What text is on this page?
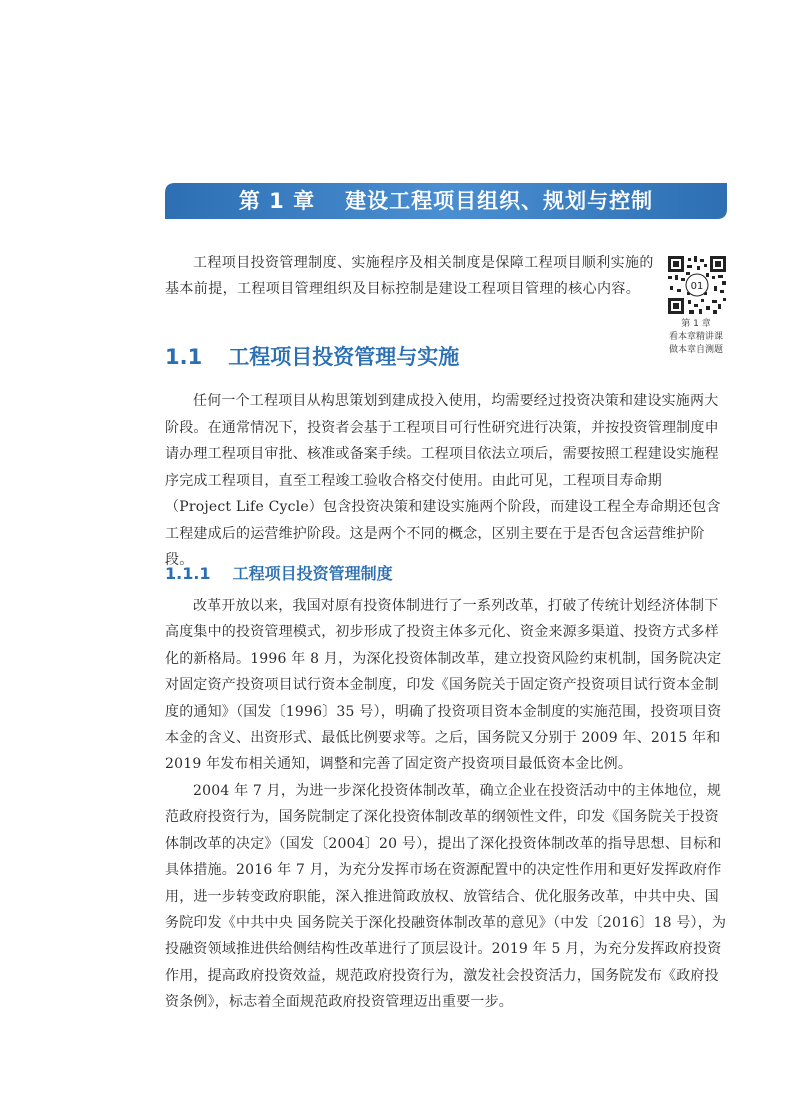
第 1 章 建设工程项目组织、规划与控制

工程项目投资管理制度、实施程序及相关制度是保障工程项目顺利实施的基本前提，工程项目管理组织及目标控制是建设工程项目管理的核心内容。	01
第 1 章
看本章精讲课
做本章自测题
1.1 工程项目投资管理与实施

任何一个工程项目从构思策划到建成投入使用，均需要经过投资决策和建设实施两大阶段。在通常情况下，投资者会基于工程项目可行性研究进行决策，并按投资管理制度申请办理工程项目审批、核准或备案手续。工程项目依法立项后，需要按照工程建设实施程序完成工程项目，直至工程竣工验收合格交付使用。由此可见，工程项目寿命期（Project Life Cycle）包含投资决策和建设实施两个阶段，而建设工程全寿命期还包含工程建成后的运营维护阶段。这是两个不同的概念，区别主要在于是否包含运营维护阶段。

1.1.1 工程项目投资管理制度

改革开放以来，我国对原有投资体制进行了一系列改革，打破了传统计划经济体制下高度集中的投资管理模式，初步形成了投资主体多元化、资金来源多渠道、投资方式多样化的新格局。1996 年 8 月，为深化投资体制改革，建立投资风险约束机制，国务院决定对固定资产投资项目试行资本金制度，印发《国务院关于固定资产投资项目试行资本金制度的通知》（国发〔1996〕35 号），明确了投资项目资本金制度的实施范围，投资项目资本金的含义、出资形式、最低比例要求等。之后，国务院又分别于 2009 年、2015 年和 2019 年发布相关通知，调整和完善了固定资产投资项目最低资本金比例。

2004 年 7 月，为进一步深化投资体制改革，确立企业在投资活动中的主体地位，规范政府投资行为，国务院制定了深化投资体制改革的纲领性文件，印发《国务院关于投资体制改革的决定》（国发〔2004〕20 号），提出了深化投资体制改革的指导思想、目标和具体措施。2016 年 7 月，为充分发挥市场在资源配置中的决定性作用和更好发挥政府作用，进一步转变政府职能，深入推进简政放权、放管结合、优化服务改革，中共中央、国务院印发《中共中央 国务院关于深化投融资体制改革的意见》（中发〔2016〕18 号），为投融资领域推进供给侧结构性改革进行了顶层设计。2019 年 5 月，为充分发挥政府投资作用，提高政府投资效益，规范政府投资行为，激发社会投资活力，国务院发布《政府投资条例》，标志着全面规范政府投资管理迈出重要一步。
